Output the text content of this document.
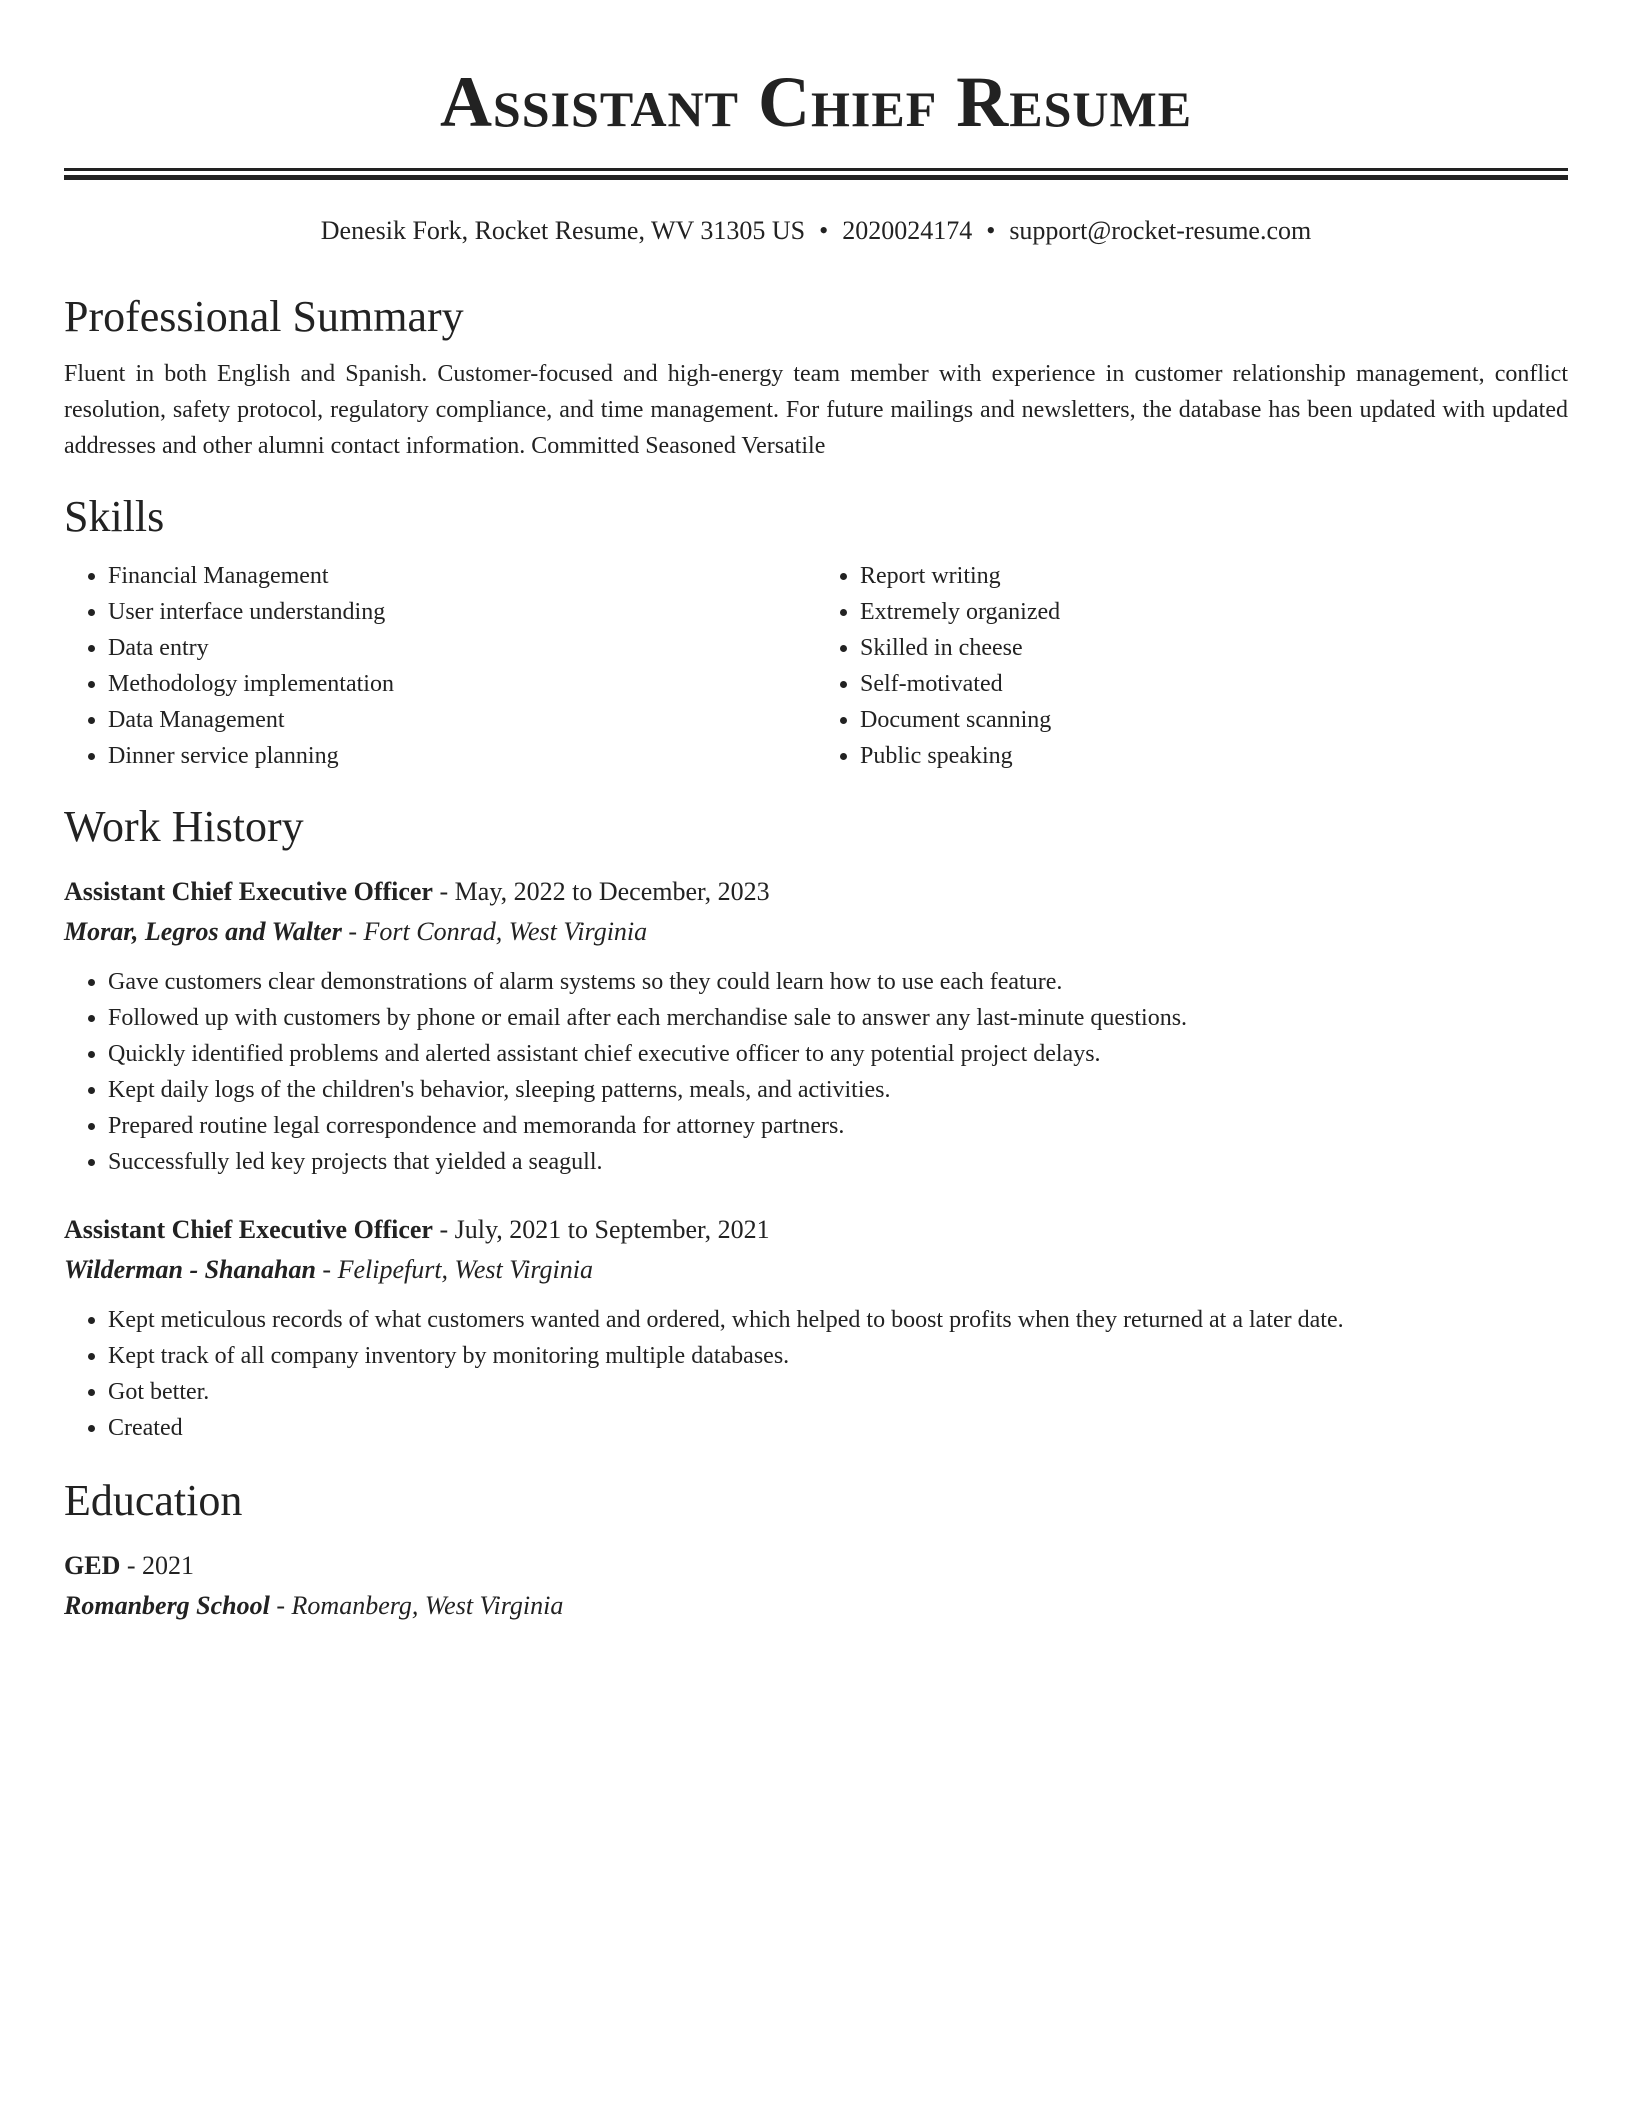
Assistant Chief Resume
Denesik Fork, Rocket Resume, WV 31305 US • 2020024174 • support@rocket-resume.com
Professional Summary

Fluent in both English and Spanish. Customer-focused and high-energy team member with experience in customer relationship management, conflict resolution, safety protocol, regulatory compliance, and time management. For future mailings and newsletters, the database has been updated with updated addresses and other alumni contact information. Committed Seasoned Versatile

Skills
• Financial Management
• User interface understanding
• Data entry
• Methodology implementation
• Data Management
• Dinner service planning
• Report writing
• Extremely organized
• Skilled in cheese
• Self-motivated
• Document scanning
• Public speaking
Work History
Assistant Chief Executive Officer - May, 2022 to December, 2023
Morar, Legros and Walter - Fort Conrad, West Virginia
• Gave customers clear demonstrations of alarm systems so they could learn how to use each feature.
• Followed up with customers by phone or email after each merchandise sale to answer any last-minute questions.
• Quickly identified problems and alerted assistant chief executive officer to any potential project delays.
• Kept daily logs of the children's behavior, sleeping patterns, meals, and activities.
• Prepared routine legal correspondence and memoranda for attorney partners.
• Successfully led key projects that yielded a seagull.
Assistant Chief Executive Officer - July, 2021 to September, 2021
Wilderman - Shanahan - Felipefurt, West Virginia
• Kept meticulous records of what customers wanted and ordered, which helped to boost profits when they returned at a later date.
• Kept track of all company inventory by monitoring multiple databases.
• Got better.
• Created
Education
GED - 2021
Romanberg School - Romanberg, West Virginia
